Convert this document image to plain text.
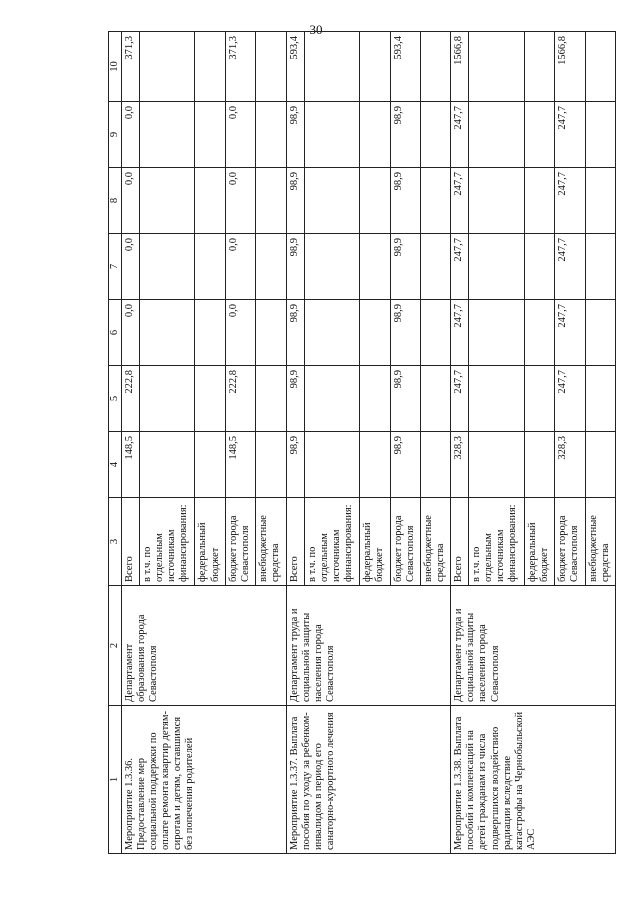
30
1	2	3	4	5	6	7	8	9	10
Мероприятие 1.3.36. Предоставление мер социальной поддержки по оплате ремонта квартир детям-сиротам и детям, оставшимся без попечения родителей	Департамент образования города Севастополя	Всего	148,5	222,8	0,0	0,0	0,0	0,0	371,3
		в т.ч. по отдельным источникам финансирования:							
		федеральный бюджет							
		бюджет города Севастополя	148,5	222,8	0,0	0,0	0,0	0,0	371,3
		внебюджетные средства							
Мероприятие 1.3.37. Выплата пособия по уходу за ребенком-инвалидом в период его санаторно-курортного лечения	Департамент труда и социальной защиты населения города Севастополя	Всего	98,9	98,9	98,9	98,9	98,9	98,9	593,4
		в т.ч. по отдельным источникам финансирования:							
		федеральный бюджет							
		бюджет города Севастополя	98,9	98,9	98,9	98,9	98,9	98,9	593,4
		внебюджетные средства							
Мероприятие 1.3.38. Выплата пособий и компенсаций на детей гражданам из числа подвергшихся воздействию радиации вследствие катастрофы на Чернобыльской АЭС	Департамент труда и социальной защиты населения города Севастополя	Всего	328,3	247,7	247,7	247,7	247,7	247,7	1566,8
		в т.ч. по отдельным источникам финансирования:							
		федеральный бюджет							
		бюджет города Севастополя	328,3	247,7	247,7	247,7	247,7	247,7	1566,8
		внебюджетные средства							
